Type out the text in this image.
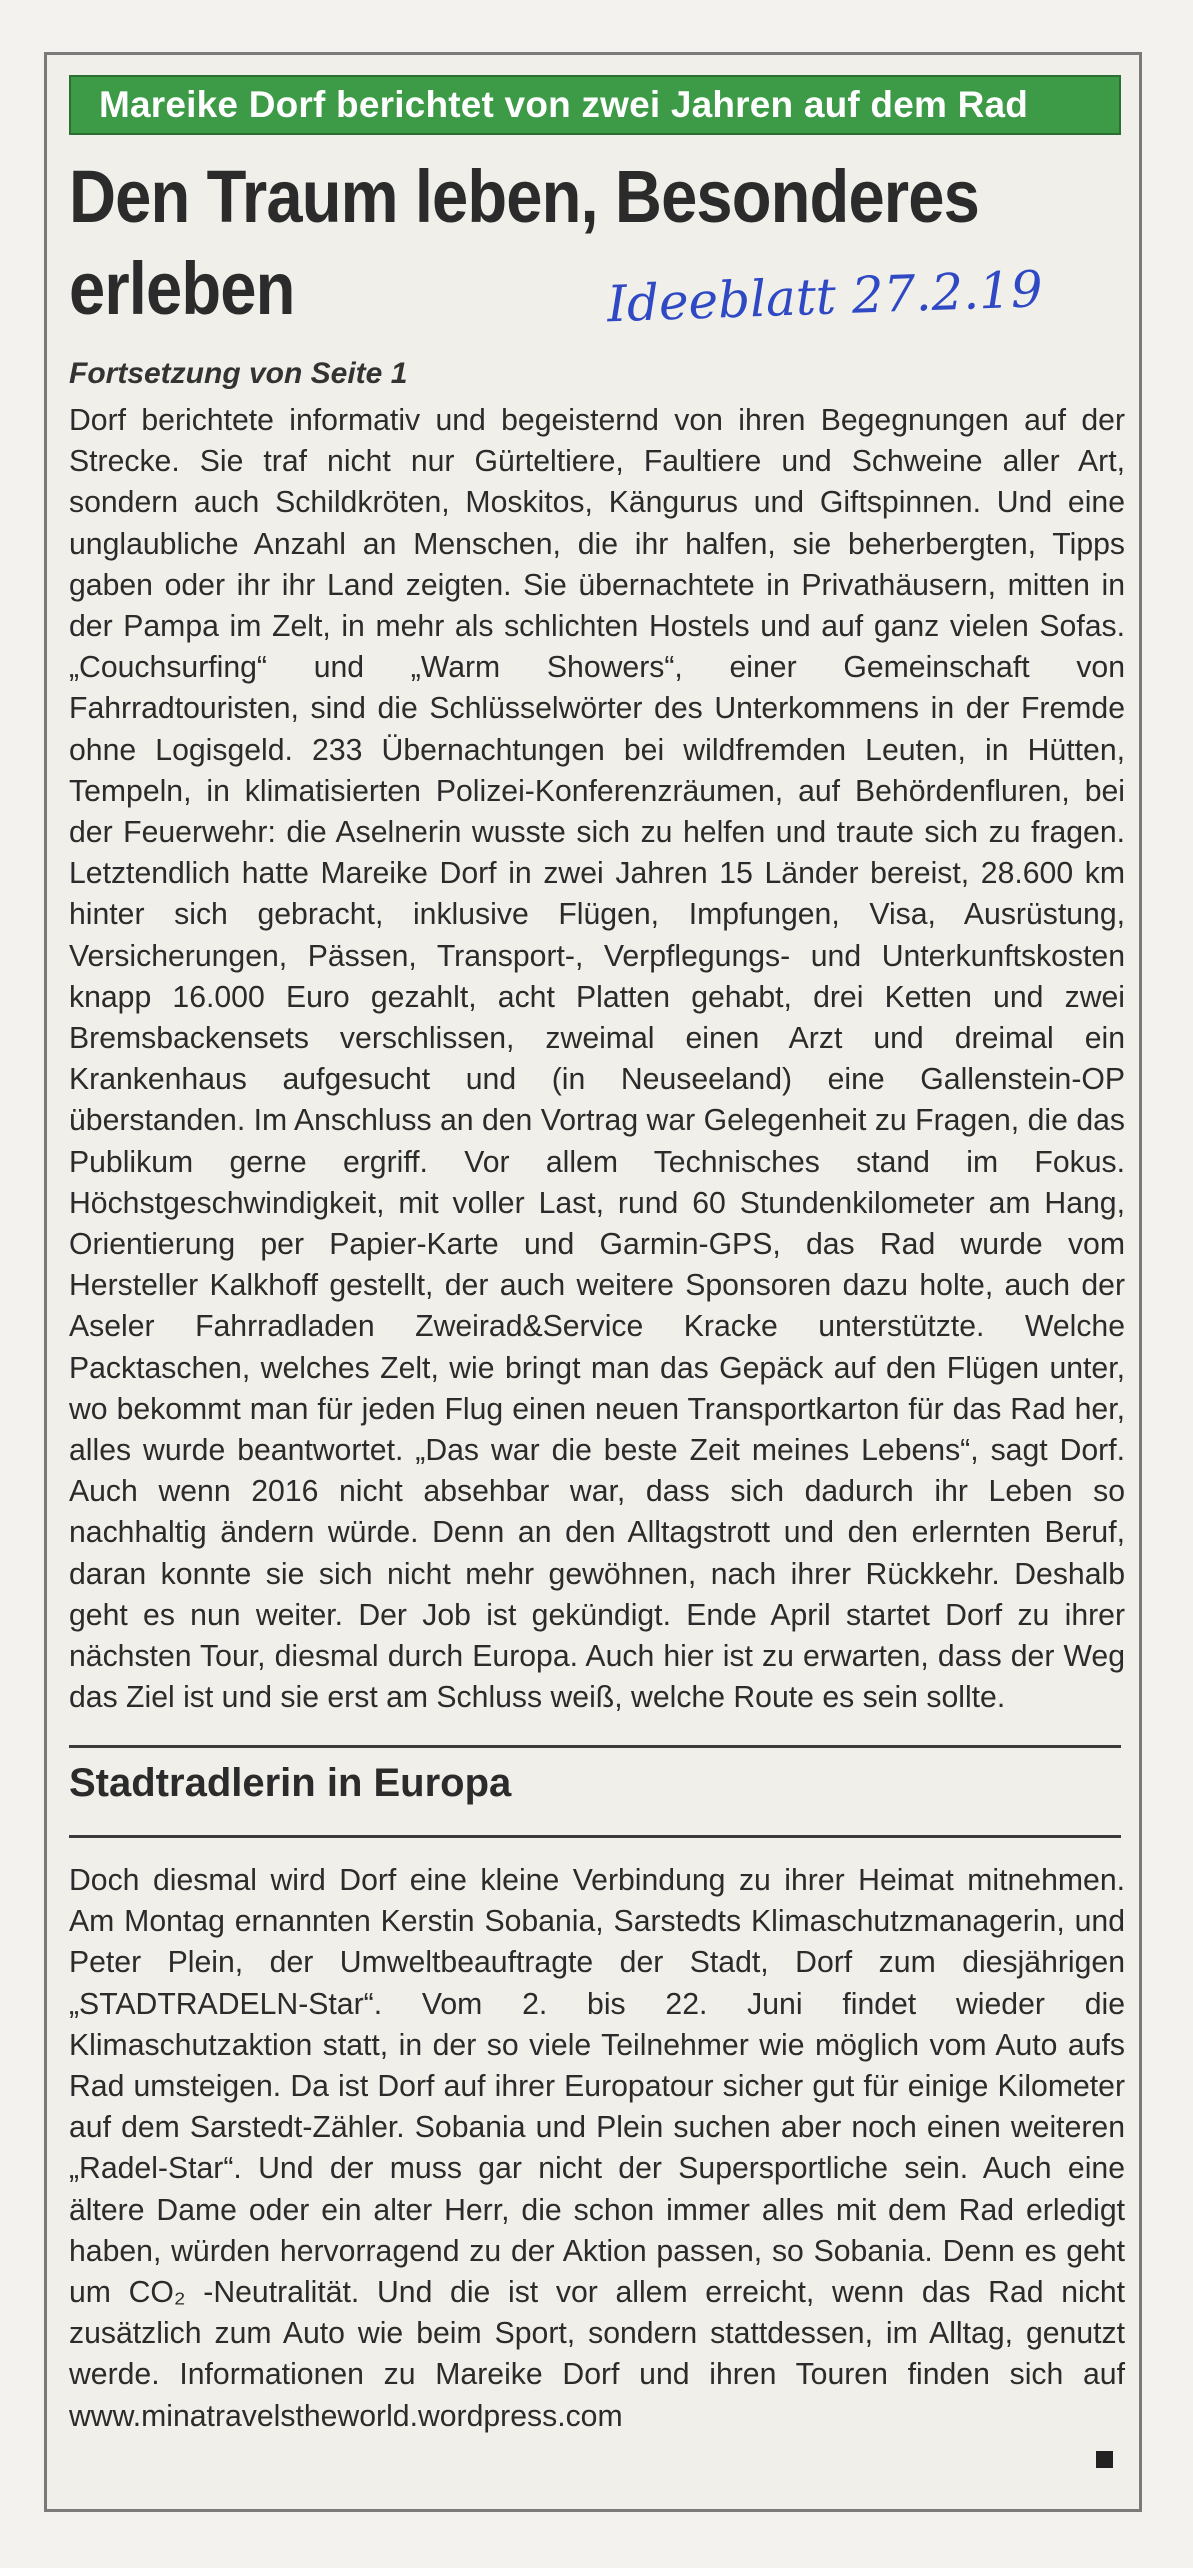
Mareike Dorf berichtet von zwei Jahren auf dem Rad
Den Traum leben, Besonderes erleben	Ideeblatt 27.2.19
Fortsetzung von Seite 1
Dorf berichtete informativ und begeisternd von ihren Begegnungen auf der Strecke. Sie traf nicht nur Gürteltiere, Faultiere und Schweine aller Art, sondern auch Schildkröten, Moskitos, Kängurus und Giftspinnen. Und eine unglaubliche Anzahl an Menschen, die ihr halfen, sie beherbergten, Tipps gaben oder ihr ihr Land zeigten. Sie übernachtete in Privathäusern, mitten in der Pampa im Zelt, in mehr als schlichten Hostels und auf ganz vielen Sofas. „Couchsurfing“ und „Warm Showers“, einer Gemeinschaft von Fahrradtouristen, sind die Schlüsselwörter des Unterkommens in der Fremde ohne Logisgeld. 233 Übernachtungen bei wildfremden Leuten, in Hütten, Tempeln, in klimatisierten Polizei-Konferenzräumen, auf Behördenfluren, bei der Feuerwehr: die Aselnerin wusste sich zu helfen und traute sich zu fragen. Letztendlich hatte Mareike Dorf in zwei Jahren 15 Länder bereist, 28.600 km hinter sich gebracht, inklusive Flügen, Impfungen, Visa, Ausrüstung, Versicherungen, Pässen, Transport-, Verpflegungs- und Unterkunftskosten knapp 16.000 Euro gezahlt, acht Platten gehabt, drei Ketten und zwei Bremsbackensets verschlissen, zweimal einen Arzt und dreimal ein Krankenhaus aufgesucht und (in Neuseeland) eine Gallenstein-OP überstanden. Im Anschluss an den Vortrag war Gelegenheit zu Fragen, die das Publikum gerne ergriff. Vor allem Technisches stand im Fokus. Höchstgeschwindigkeit, mit voller Last, rund 60 Stundenkilometer am Hang, Orientierung per Papier-Karte und Garmin-GPS, das Rad wurde vom Hersteller Kalkhoff gestellt, der auch weitere Sponsoren dazu holte, auch der Aseler Fahrradladen Zweirad&Service Kracke unterstützte. Welche Packtaschen, welches Zelt, wie bringt man das Gepäck auf den Flügen unter, wo bekommt man für jeden Flug einen neuen Transportkarton für das Rad her, alles wurde beantwortet. „Das war die beste Zeit meines Lebens“, sagt Dorf. Auch wenn 2016 nicht absehbar war, dass sich dadurch ihr Leben so nachhaltig ändern würde. Denn an den Alltagstrott und den erlernten Beruf, daran konnte sie sich nicht mehr gewöhnen, nach ihrer Rückkehr. Deshalb geht es nun weiter. Der Job ist gekündigt. Ende April startet Dorf zu ihrer nächsten Tour, diesmal durch Europa. Auch hier ist zu erwarten, dass der Weg das Ziel ist und sie erst am Schluss weiß, welche Route es sein sollte.
Stadtradlerin in Europa
Doch diesmal wird Dorf eine kleine Verbindung zu ihrer Heimat mitnehmen. Am Montag ernannten Kerstin Sobania, Sarstedts Klimaschutzmanagerin, und Peter Plein, der Umweltbeauftragte der Stadt, Dorf zum diesjährigen „STADTRADELN-Star“. Vom 2. bis 22. Juni findet wieder die Klimaschutzaktion statt, in der so viele Teilnehmer wie möglich vom Auto aufs Rad umsteigen. Da ist Dorf auf ihrer Europatour sicher gut für einige Kilometer auf dem Sarstedt-Zähler. Sobania und Plein suchen aber noch einen weiteren „Radel-Star“. Und der muss gar nicht der Supersportliche sein. Auch eine ältere Dame oder ein alter Herr, die schon immer alles mit dem Rad erledigt haben, würden hervorragend zu der Aktion passen, so Sobania. Denn es geht um CO₂ -Neutralität. Und die ist vor allem erreicht, wenn das Rad nicht zusätzlich zum Auto wie beim Sport, sondern stattdessen, im Alltag, genutzt werde. Informationen zu Mareike Dorf und ihren Touren finden sich auf www.minatravelstheworld.wordpress.com
